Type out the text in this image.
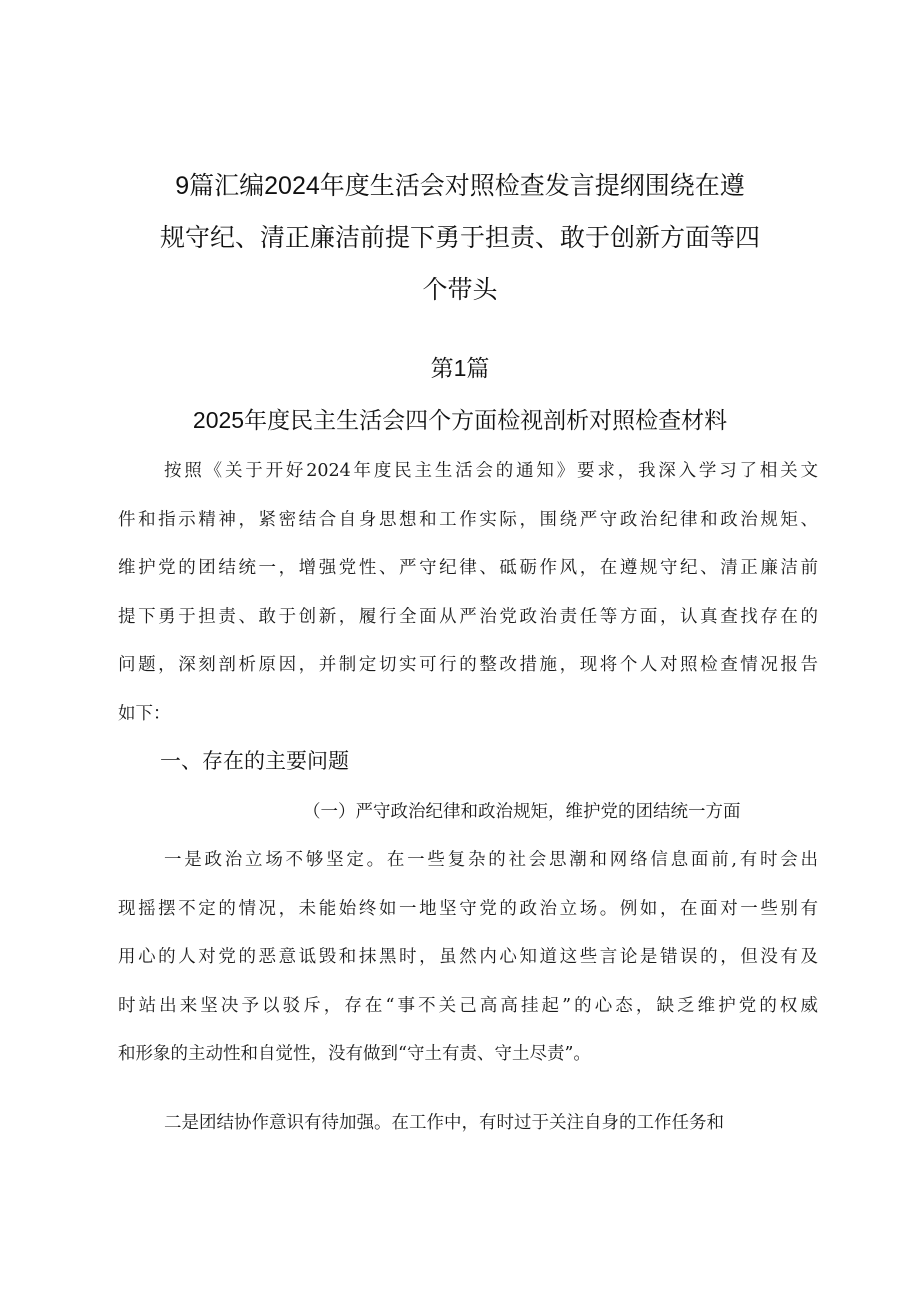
9篇汇编2024年度生活会对照检查发言提纲围绕在遵
规守纪、清正廉洁前提下勇于担责、敢于创新方面等四
个带头
第1篇
2025年度民主生活会四个方面检视剖析对照检查材料
按照《关于开好2024年度民主生活会的通知》要求，我深入学习了相关文
件和指示精神，紧密结合自身思想和工作实际，围绕严守政治纪律和政治规矩、
维护党的团结统一，增强党性、严守纪律、砥砺作风，在遵规守纪、清正廉洁前
提下勇于担责、敢于创新，履行全面从严治党政治责任等方面，认真查找存在的
问题，深刻剖析原因，并制定切实可行的整改措施，现将个人对照检查情况报告
如下：
一、存在的主要问题
（一）严守政治纪律和政治规矩，维护党的团结统一方面
一是政治立场不够坚定。在一些复杂的社会思潮和网络信息面前,有时会出
现摇摆不定的情况，未能始终如一地坚守党的政治立场。例如，在面对一些别有
用心的人对党的恶意诋毁和抹黑时，虽然内心知道这些言论是错误的，但没有及
时站出来坚决予以驳斥，存在“事不关己高高挂起”的心态，缺乏维护党的权威
和形象的主动性和自觉性，没有做到“守土有责、守土尽责”。
二是团结协作意识有待加强。在工作中，有时过于关注自身的工作任务和
